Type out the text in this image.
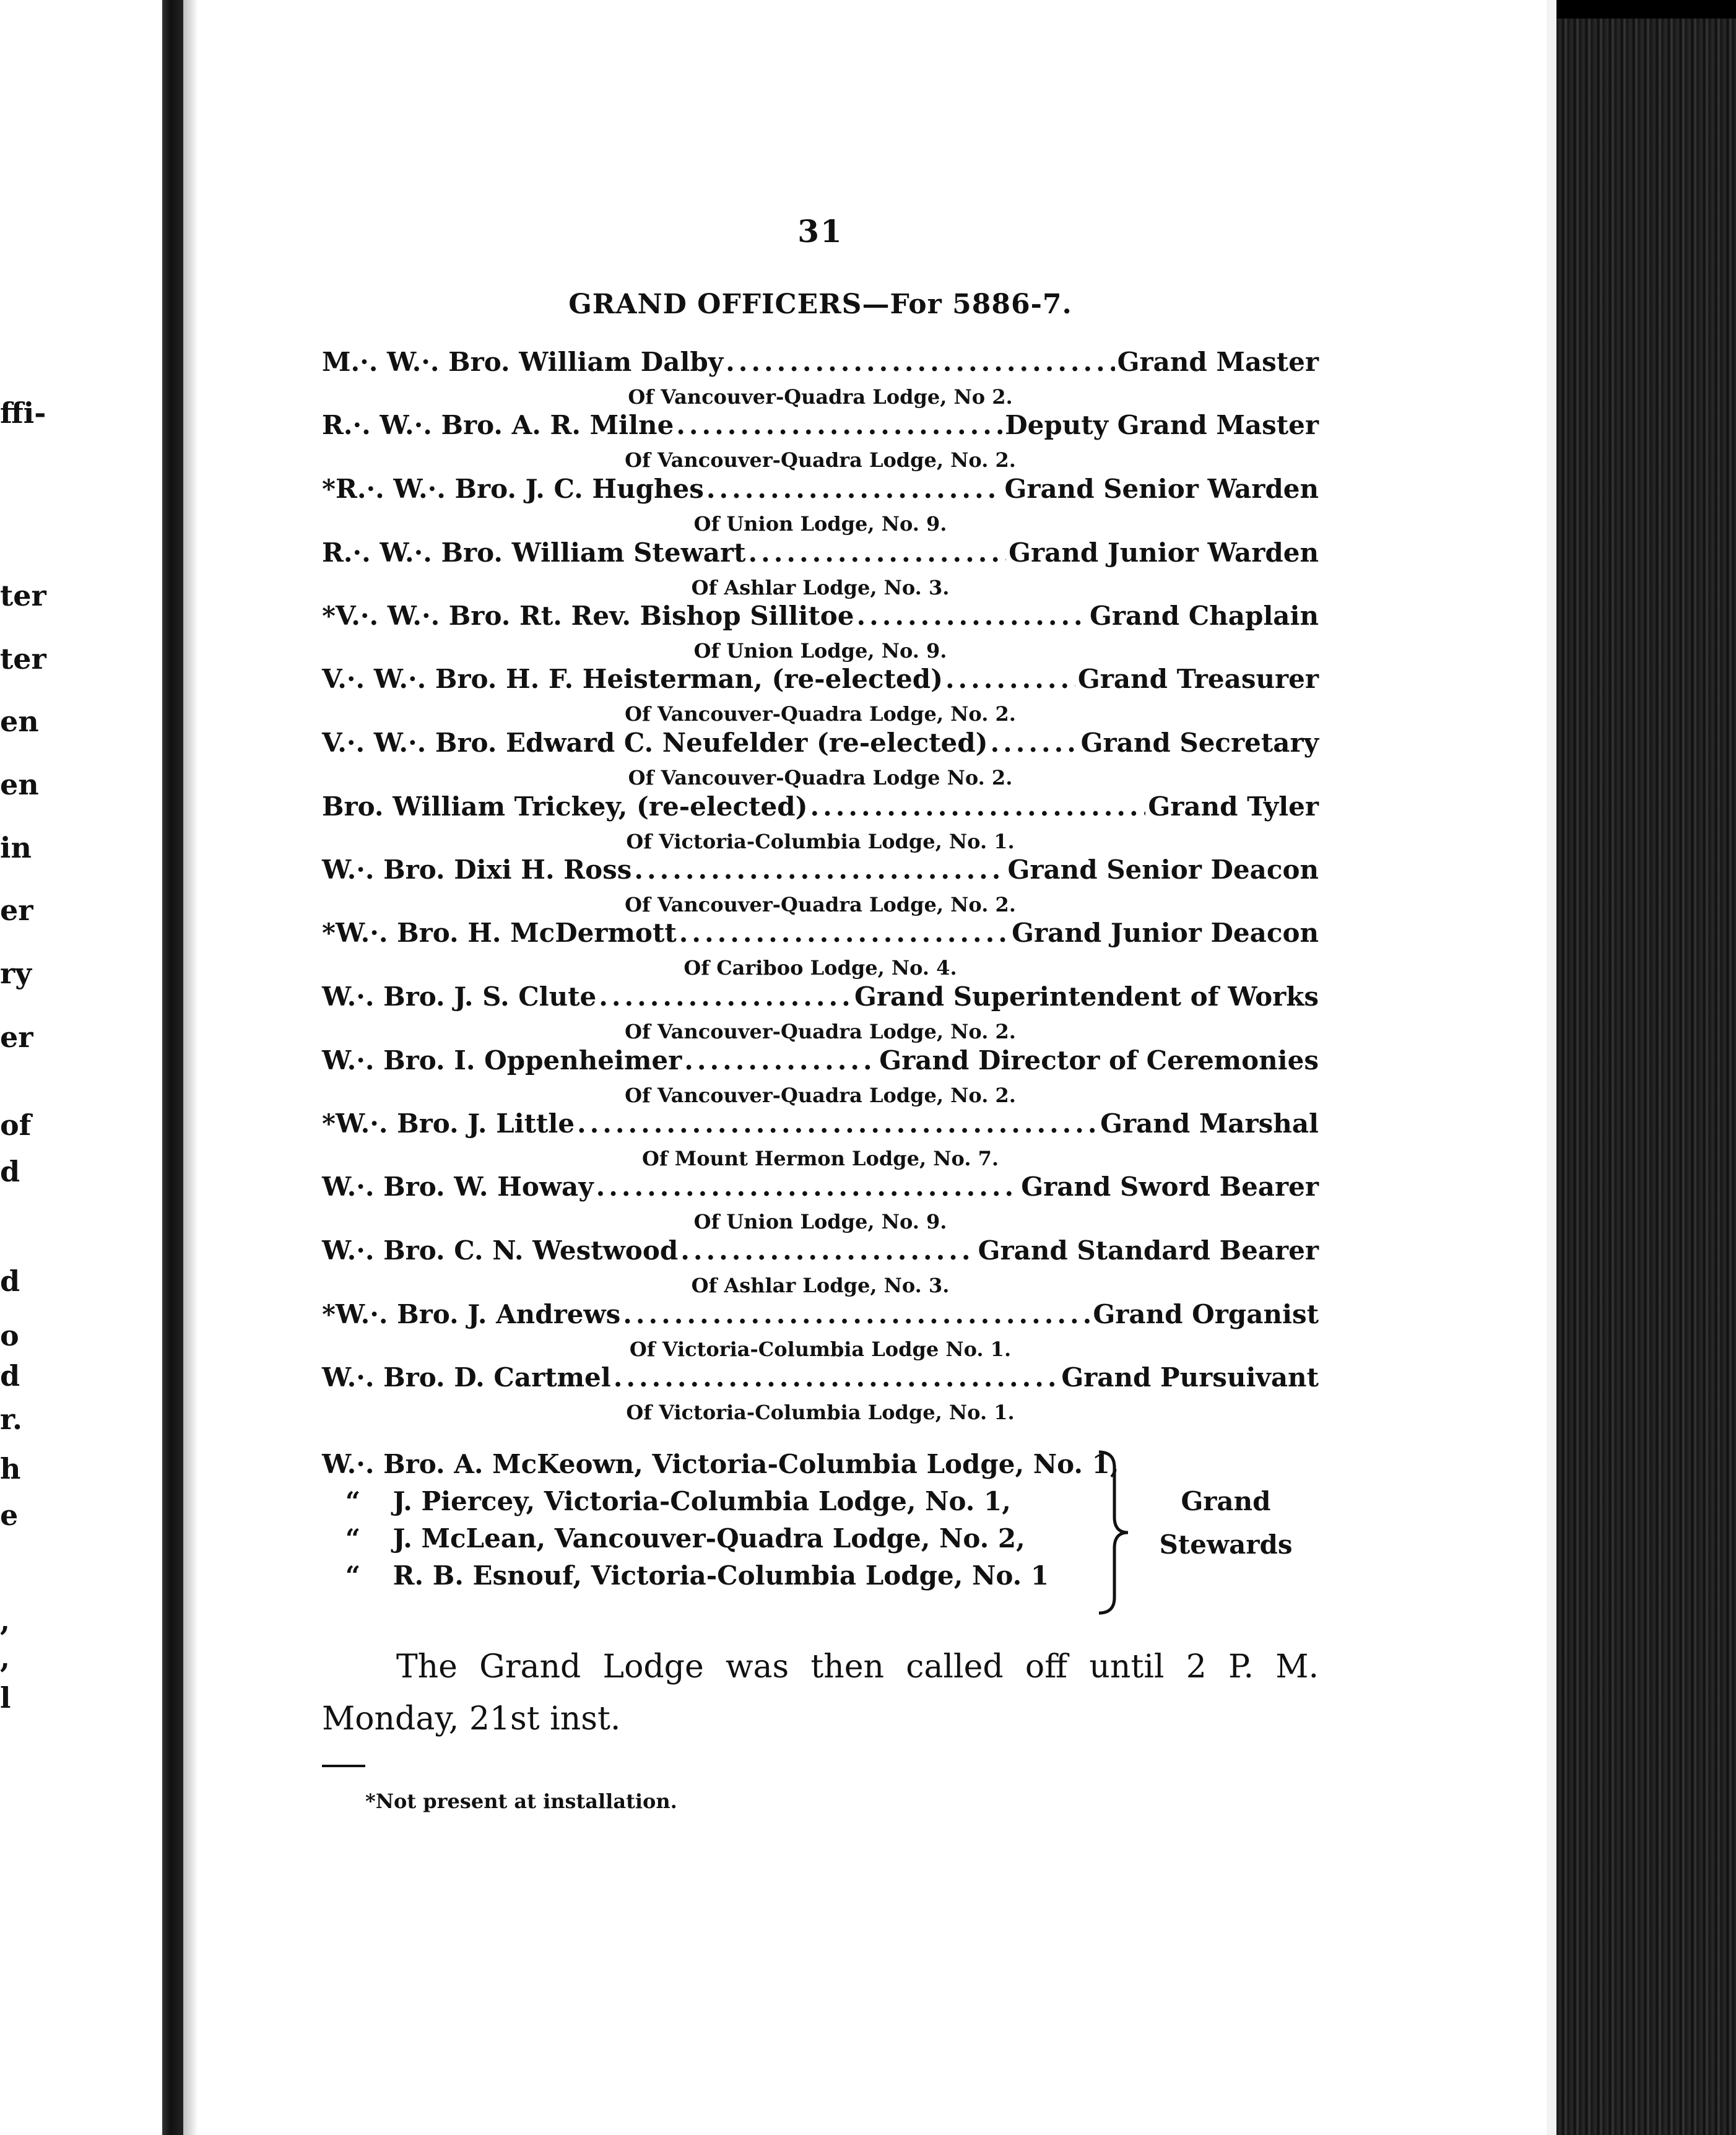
ffi-
ter
ter
en
en
in
er
ry
er
of
d
d
o
d
r.
h
e
,
,
l
31
GRAND OFFICERS—For 5886-7.
M.·. W.·. Bro. William Dalby .....	Grand Master
Of Vancouver-Quadra Lodge, No 2.
R.·. W.·. Bro. A. R. Milne .....	Deputy Grand Master
Of Vancouver-Quadra Lodge, No. 2.
*R.·. W.·. Bro. J. C. Hughes .....	Grand Senior Warden
Of Union Lodge, No. 9.
R.·. W.·. Bro. William Stewart .....	Grand Junior Warden
Of Ashlar Lodge, No. 3.
*V.·. W.·. Bro. Rt. Rev. Bishop Sillitoe .....	Grand Chaplain
Of Union Lodge, No. 9.
V.·. W.·. Bro. H. F. Heisterman, (re-elected) .....	Grand Treasurer
Of Vancouver-Quadra Lodge, No. 2.
V.·. W.·. Bro. Edward C. Neufelder (re-elected) .....	Grand Secretary
Of Vancouver-Quadra Lodge No. 2.
Bro. William Trickey, (re-elected) .....	Grand Tyler
Of Victoria-Columbia Lodge, No. 1.
W.·. Bro. Dixi H. Ross .....	Grand Senior Deacon
Of Vancouver-Quadra Lodge, No. 2.
*W.·. Bro. H. McDermott .....	Grand Junior Deacon
Of Cariboo Lodge, No. 4.
W.·. Bro. J. S. Clute .....	Grand Superintendent of Works
Of Vancouver-Quadra Lodge, No. 2.
W.·. Bro. I. Oppenheimer .....	Grand Director of Ceremonies
Of Vancouver-Quadra Lodge, No. 2.
*W.·. Bro. J. Little .....	Grand Marshal
Of Mount Hermon Lodge, No. 7.
W.·. Bro. W. Howay .....	Grand Sword Bearer
Of Union Lodge, No. 9.
W.·. Bro. C. N. Westwood .....	Grand Standard Bearer
Of Ashlar Lodge, No. 3.
*W.·. Bro. J. Andrews .....	Grand Organist
Of Victoria-Columbia Lodge No. 1.
W.·. Bro. D. Cartmel .....	Grand Pursuivant
Of Victoria-Columbia Lodge, No. 1.
W.·. Bro. A. McKeown, Victoria-Columbia Lodge, No. 1,
“ J. Piercey, Victoria-Columbia Lodge, No. 1,
“ J. McLean, Vancouver-Quadra Lodge, No. 2,
“ R. B. Esnouf, Victoria-Columbia Lodge, No. 1
Grand
Stewards
The Grand Lodge was then called off until 2 P. M. Monday, 21st inst.
*Not present at installation.
